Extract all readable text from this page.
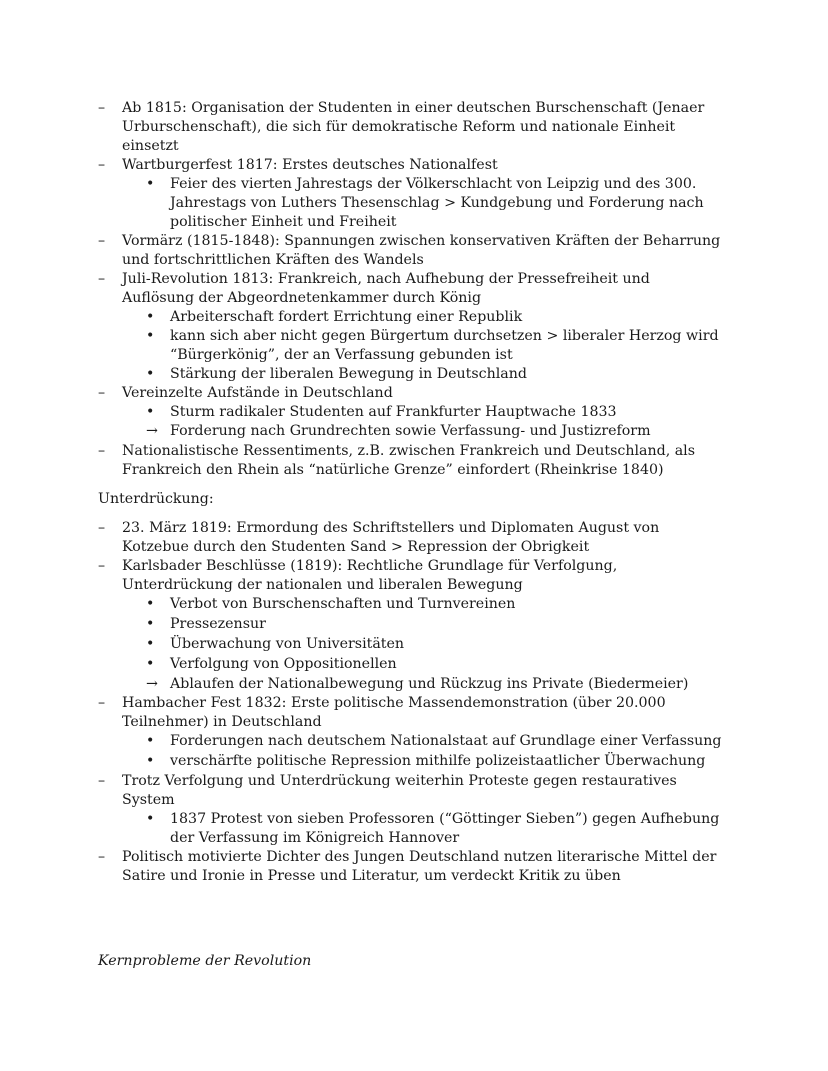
– Ab 1815: Organisation der Studenten in einer deutschen Burschenschaft (Jenaer
Urburschenschaft), die sich für demokratische Reform und nationale Einheit
einsetzt
– Wartburgerfest 1817: Erstes deutsches Nationalfest
• Feier des vierten Jahrestags der Völkerschlacht von Leipzig und des 300.
Jahrestags von Luthers Thesenschlag > Kundgebung und Forderung nach
politischer Einheit und Freiheit
– Vormärz (1815-1848): Spannungen zwischen konservativen Kräften der Beharrung
und fortschrittlichen Kräften des Wandels
– Juli-Revolution 1813: Frankreich, nach Aufhebung der Pressefreiheit und
Auflösung der Abgeordnetenkammer durch König
• Arbeiterschaft fordert Errichtung einer Republik
• kann sich aber nicht gegen Bürgertum durchsetzen > liberaler Herzog wird
“Bürgerkönig”, der an Verfassung gebunden ist
• Stärkung der liberalen Bewegung in Deutschland
– Vereinzelte Aufstände in Deutschland
• Sturm radikaler Studenten auf Frankfurter Hauptwache 1833
→ Forderung nach Grundrechten sowie Verfassung- und Justizreform
– Nationalistische Ressentiments, z.B. zwischen Frankreich und Deutschland, als
Frankreich den Rhein als “natürliche Grenze” einfordert (Rheinkrise 1840)
Unterdrückung:
– 23. März 1819: Ermordung des Schriftstellers und Diplomaten August von
Kotzebue durch den Studenten Sand > Repression der Obrigkeit
– Karlsbader Beschlüsse (1819): Rechtliche Grundlage für Verfolgung,
Unterdrückung der nationalen und liberalen Bewegung
• Verbot von Burschenschaften und Turnvereinen
• Pressezensur
• Überwachung von Universitäten
• Verfolgung von Oppositionellen
→ Ablaufen der Nationalbewegung und Rückzug ins Private (Biedermeier)
– Hambacher Fest 1832: Erste politische Massendemonstration (über 20.000
Teilnehmer) in Deutschland
• Forderungen nach deutschem Nationalstaat auf Grundlage einer Verfassung
• verschärfte politische Repression mithilfe polizeistaatlicher Überwachung
– Trotz Verfolgung und Unterdrückung weiterhin Proteste gegen restauratives
System
• 1837 Protest von sieben Professoren (“Göttinger Sieben”) gegen Aufhebung
der Verfassung im Königreich Hannover
– Politisch motivierte Dichter des Jungen Deutschland nutzen literarische Mittel der
Satire und Ironie in Presse und Literatur, um verdeckt Kritik zu üben
Kernprobleme der Revolution
